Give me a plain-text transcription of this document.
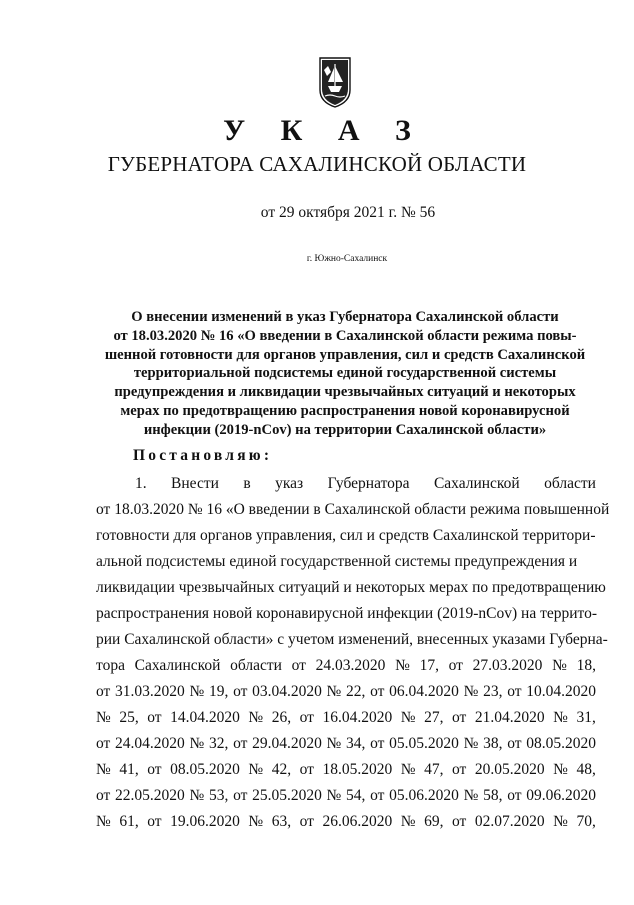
У К А З
ГУБЕРНАТОРА САХАЛИНСКОЙ ОБЛАСТИ
от 29 октября 2021 г. № 56
г. Южно-Сахалинск
О внесении изменений в указ Губернатора Сахалинской области
от 18.03.2020 № 16 «О введении в Сахалинской области режима повы-
шенной готовности для органов управления, сил и средств Сахалинской
территориальной подсистемы единой государственной системы
предупреждения и ликвидации чрезвычайных ситуаций и некоторых
мерах по предотвращению распространения новой коронавирусной
инфекции (2019-nCov) на территории Сахалинской области»
Постановляю:
1. Внести в указ Губернатора Сахалинской области
от 18.03.2020 № 16 «О введении в Сахалинской области режима повышенной
готовности для органов управления, сил и средств Сахалинской территори-
альной подсистемы единой государственной системы предупреждения и
ликвидации чрезвычайных ситуаций и некоторых мерах по предотвращению
распространения новой коронавирусной инфекции (2019-nCov) на террито-
рии Сахалинской области» с учетом изменений, внесенных указами Губерна-
тора Сахалинской области от 24.03.2020 № 17, от 27.03.2020 № 18,
от 31.03.2020 № 19, от 03.04.2020 № 22, от 06.04.2020 № 23, от 10.04.2020
№ 25, от 14.04.2020 № 26, от 16.04.2020 № 27, от 21.04.2020 № 31,
от 24.04.2020 № 32, от 29.04.2020 № 34, от 05.05.2020 № 38, от 08.05.2020
№ 41, от 08.05.2020 № 42, от 18.05.2020 № 47, от 20.05.2020 № 48,
от 22.05.2020 № 53, от 25.05.2020 № 54, от 05.06.2020 № 58, от 09.06.2020
№ 61, от 19.06.2020 № 63, от 26.06.2020 № 69, от 02.07.2020 № 70,
